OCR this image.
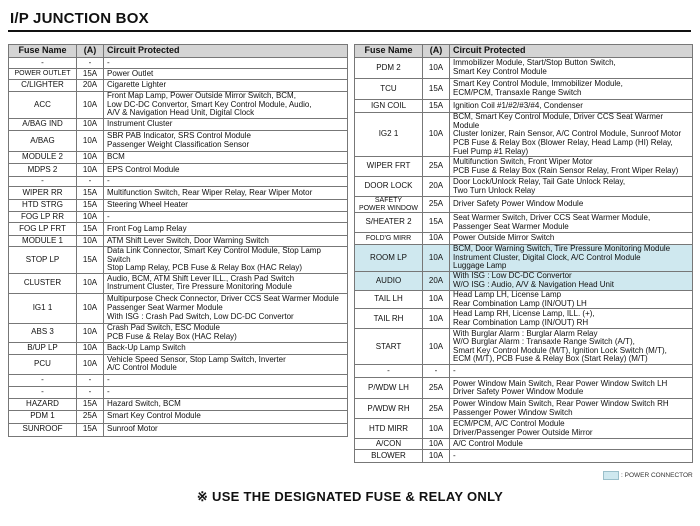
I/P JUNCTION BOX
Fuse Name	(A)	Circuit Protected
-	-	-
POWER OUTLET	15A	Power Outlet
C/LIGHTER	20A	Cigarette Lighter
ACC	10A	Front Map Lamp, Power Outside Mirror Switch, BCM,
Low DC-DC Convertor, Smart Key Control Module, Audio,
A/V & Navigation Head Unit, Digital Clock
A/BAG IND	10A	Instrument Cluster
A/BAG	10A	SBR PAB Indicator, SRS Control Module
Passenger Weight Classification Sensor
MODULE 2	10A	BCM
MDPS 2	10A	EPS Control Module
-	-	-
WIPER RR	15A	Multifunction Switch, Rear Wiper Relay, Rear Wiper Motor
HTD STRG	15A	Steering Wheel Heater
FOG LP RR	10A	-
FOG LP FRT	15A	Front Fog Lamp Relay
MODULE 1	10A	ATM Shift Lever Switch, Door Warning Switch
STOP LP	15A	Data Link Connector, Smart Key Control Module, Stop Lamp Switch
Stop Lamp Relay, PCB Fuse & Relay Box (HAC Relay)
CLUSTER	10A	Audio, BCM, ATM Shift Lever ILL., Crash Pad Switch
Instrument Cluster, Tire Pressure Monitoring Module
IG1 1	10A	Multipurpose Check Connector, Driver CCS Seat Warmer Module
Passenger Seat Warmer Module
With ISG : Crash Pad Switch, Low DC-DC Convertor
ABS 3	10A	Crash Pad Switch, ESC Module
PCB Fuse & Relay Box (HAC Relay)
B/UP LP	10A	Back-Up Lamp Switch
PCU	10A	Vehicle Speed Sensor, Stop Lamp Switch, Inverter
A/C Control Module
-	-	-
-	-	-
HAZARD	15A	Hazard Switch, BCM
PDM 1	25A	Smart Key Control Module
SUNROOF	15A	Sunroof Motor
Fuse Name	(A)	Circuit Protected
PDM 2	10A	Immobilizer Module, Start/Stop Button Switch,
Smart Key Control Module
TCU	15A	Smart Key Control Module, Immobilizer Module,
ECM/PCM, Transaxle Range Switch
IGN COIL	15A	Ignition Coil #1/#2/#3/#4, Condenser
IG2 1	10A	BCM, Smart Key Control Module, Driver CCS Seat Warmer Module
Cluster Ionizer, Rain Sensor, A/C Control Module, Sunroof Motor
PCB Fuse & Relay Box (Blower Relay, Head Lamp (HI) Relay,
Fuel Pump #1 Relay)
WIPER FRT	25A	Multifunction Switch, Front Wiper Motor
PCB Fuse & Relay Box (Rain Sensor Relay, Front Wiper Relay)
DOOR LOCK	20A	Door Lock/Unlock Relay, Tail Gate Unlock Relay,
Two Turn Unlock Relay
SAFETY
POWER WINDOW	25A	Driver Safety Power Window Module
S/HEATER 2	15A	Seat Warmer Switch, Driver CCS Seat Warmer Module,
Passenger Seat Warmer Module
FOLD'G MIRR	10A	Power Outside Mirror Switch
ROOM LP	10A	BCM, Door Warning Switch, Tire Pressure Monitoring Module
Instrument Cluster, Digital Clock, A/C Control Module
Luggage Lamp
AUDIO	20A	With ISG : Low DC-DC Convertor
W/O ISG : Audio, A/V & Navigation Head Unit
TAIL LH	10A	Head Lamp LH, License Lamp
Rear Combination Lamp (IN/OUT) LH
TAIL RH	10A	Head Lamp RH, License Lamp, ILL. (+),
Rear Combination Lamp (IN/OUT) RH
START	10A	With Burglar Alarm : Burglar Alarm Relay
W/O Burglar Alarm : Transaxle Range Switch (A/T),
Smart Key Control Module (M/T), Ignition Lock Switch (M/T),
ECM (M/T), PCB Fuse & Relay Box (Start Relay) (M/T)
-	-	-
P/WDW LH	25A	Power Window Main Switch, Rear Power Window Switch LH
Driver Safety Power Window Module
P/WDW RH	25A	Power Window Main Switch, Rear Power Window Switch RH
Passenger Power Window Switch
HTD MIRR	10A	ECM/PCM, A/C Control Module
Driver/Passenger Power Outside Mirror
A/CON	10A	A/C Control Module
BLOWER	10A	-
: POWER CONNECTOR
※ USE THE DESIGNATED FUSE & RELAY ONLY
